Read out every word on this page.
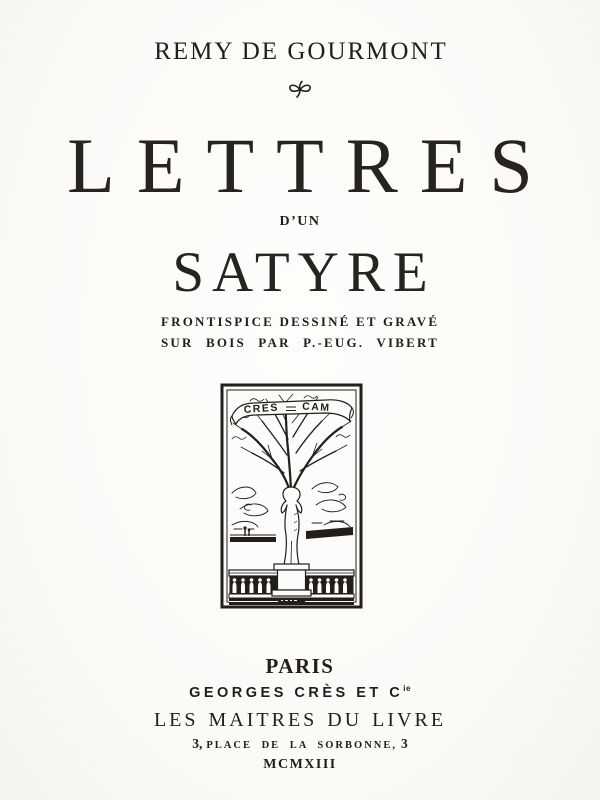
REMY DE GOURMONT
LETTRES
D’UN
SATYRE
FRONTISPICE DESSINÉ ET GRAVÉ
SUR BOIS PAR P.-EUG. VIBERT
CRES CAM
PARIS
GEORGES CRÈS ET $C^{ie}$
LES MAITRES DU LIVRE
3, PLACE DE LA SORBONNE, 3
MCMXIII
